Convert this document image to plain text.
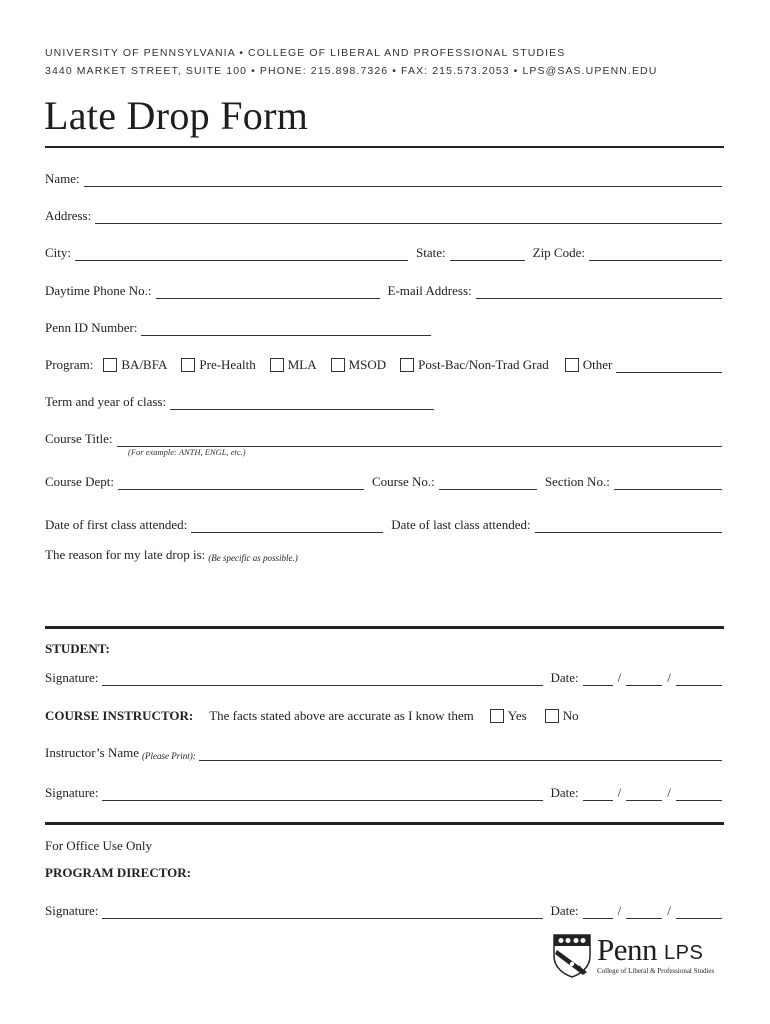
UNIVERSITY OF PENNSYLVANIA • COLLEGE OF LIBERAL AND PROFESSIONAL STUDIES
3440 MARKET STREET, SUITE 100 • PHONE: 215.898.7326 • FAX: 215.573.2053 • LPS@SAS.UPENN.EDU
Late Drop Form
Name:
Address:
City:	State:	Zip Code:
Daytime Phone No.:	E-mail Address:
Penn ID Number:
Program:	BA/BFA Pre-Health MLA MSOD Post-Bac/Non-Trad Grad	Other
Term and year of class:
Course Title:
(For example: ANTH, ENGL, etc.)
Course Dept:	Course No.:	Section No.:
Date of first class attended:	Date of last class attended:
The reason for my late drop is: (Be specific as possible.)
STUDENT:
Signature:	Date:	/	/
COURSE INSTRUCTOR: The facts stated above are accurate as I know them	Yes	No
Instructor’s Name (Please Print):
Signature:	Date:	/	/
For Office Use Only
PROGRAM DIRECTOR:
Signature:	Date:	/	/
Penn LPS
College of Liberal & Professional Studies
